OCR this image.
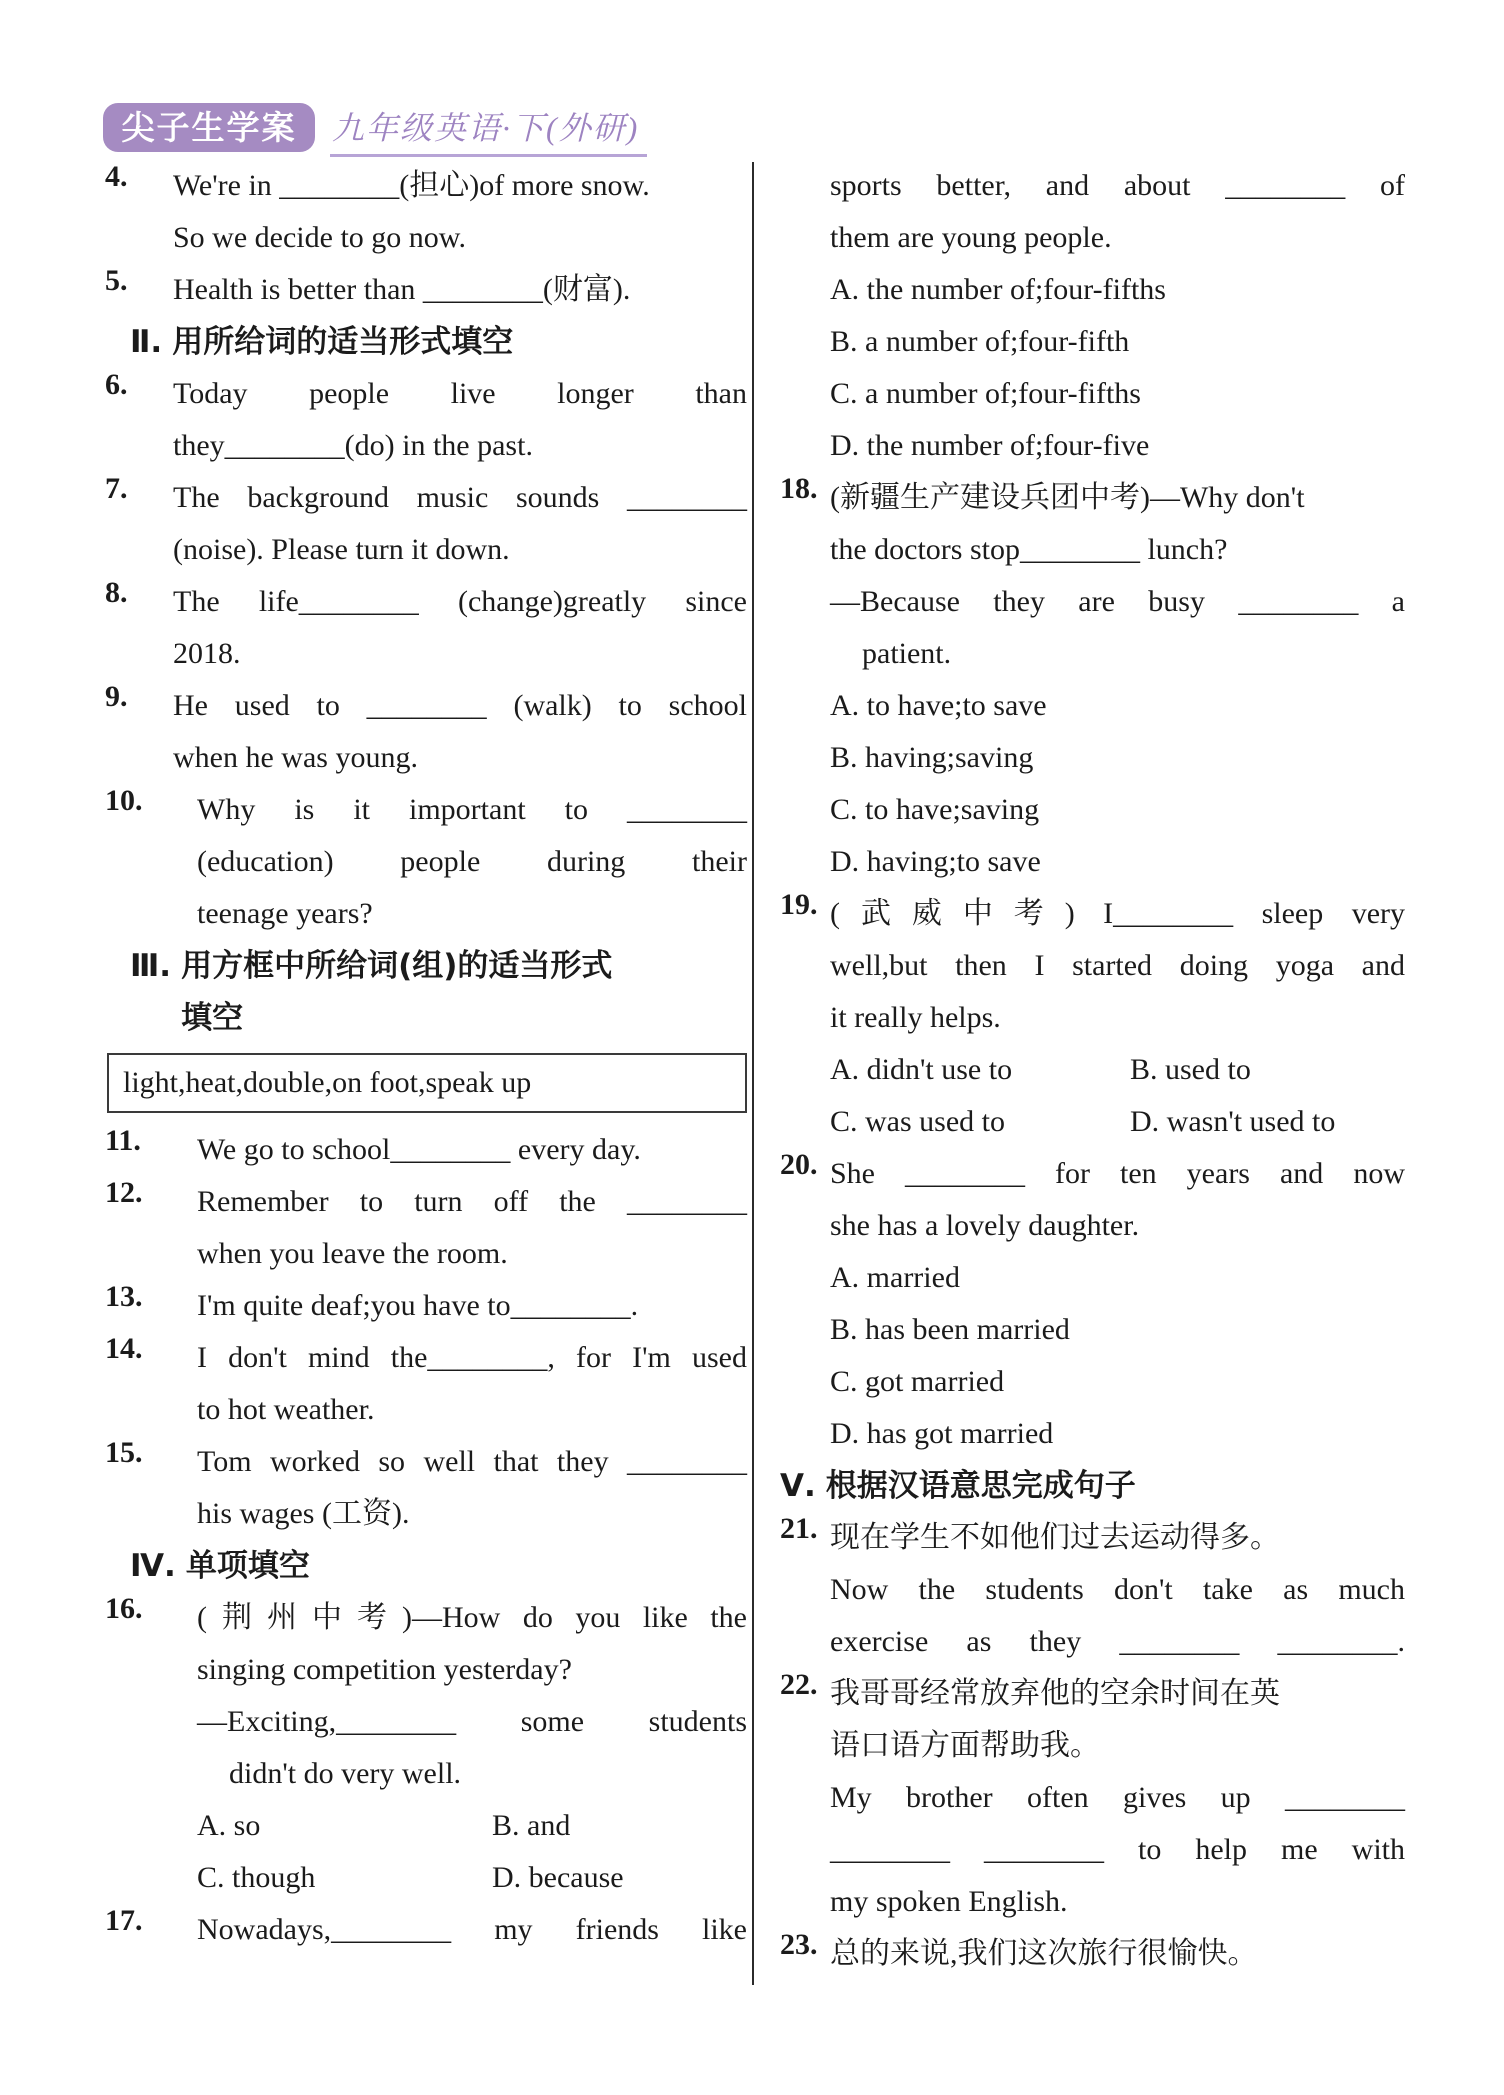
尖子生学案	九年级英语·下(外研)
4.	We're in ________(担心)of more snow.
So we decide to go now.
5.	Health is better than ________(财富).
Ⅱ. 用所给词的适当形式填空
6.	Today people live longer than
they________(do) in the past.
7.	The background music sounds ________
(noise). Please turn it down.
8.	The life________ (change)greatly since
2018.
9.	He used to ________ (walk) to school
when he was young.
10.	Why is it important to ________
(education) people during their
teenage years?
Ⅲ. 用方框中所给词(组)的适当形式
填空
light,heat,double,on foot,speak up
11.	We go to school________ every day.
12.	Remember to turn off the ________
when you leave the room.
13.	I'm quite deaf;you have to________.
14.	I don't mind the________, for I'm used
to hot weather.
15.	Tom worked so well that they ________
his wages (工资).
Ⅳ. 单项填空
16.	(荆州中考)—How do you like the
singing competition yesterday?
—Exciting,________ some students
didn't do very well.
A. so	B. and
C. though	D. because
17.	Nowadays,________ my friends like
sports better, and about ________ of
them are young people.
A. the number of;four-fifths
B. a number of;four-fifth
C. a number of;four-fifths
D. the number of;four-five
18. (新疆生产建设兵团中考)—Why don't
the doctors stop________ lunch?
—Because they are busy ________ a
patient.
A. to have;to save
B. having;saving
C. to have;saving
D. having;to save
19. (武威中考) I________ sleep very
well,but then I started doing yoga and
it really helps.
A. didn't use to	B. used to
C. was used to	D. wasn't used to
20. She ________ for ten years and now
she has a lovely daughter.
A. married
B. has been married
C. got married
D. has got married
Ⅴ. 根据汉语意思完成句子
21. 现在学生不如他们过去运动得多。
Now the students don't take as much
exercise as they ________ ________.
22. 我哥哥经常放弃他的空余时间在英
语口语方面帮助我。
My brother often gives up ________
________ ________ to help me with
my spoken English.
23. 总的来说,我们这次旅行很愉快。
